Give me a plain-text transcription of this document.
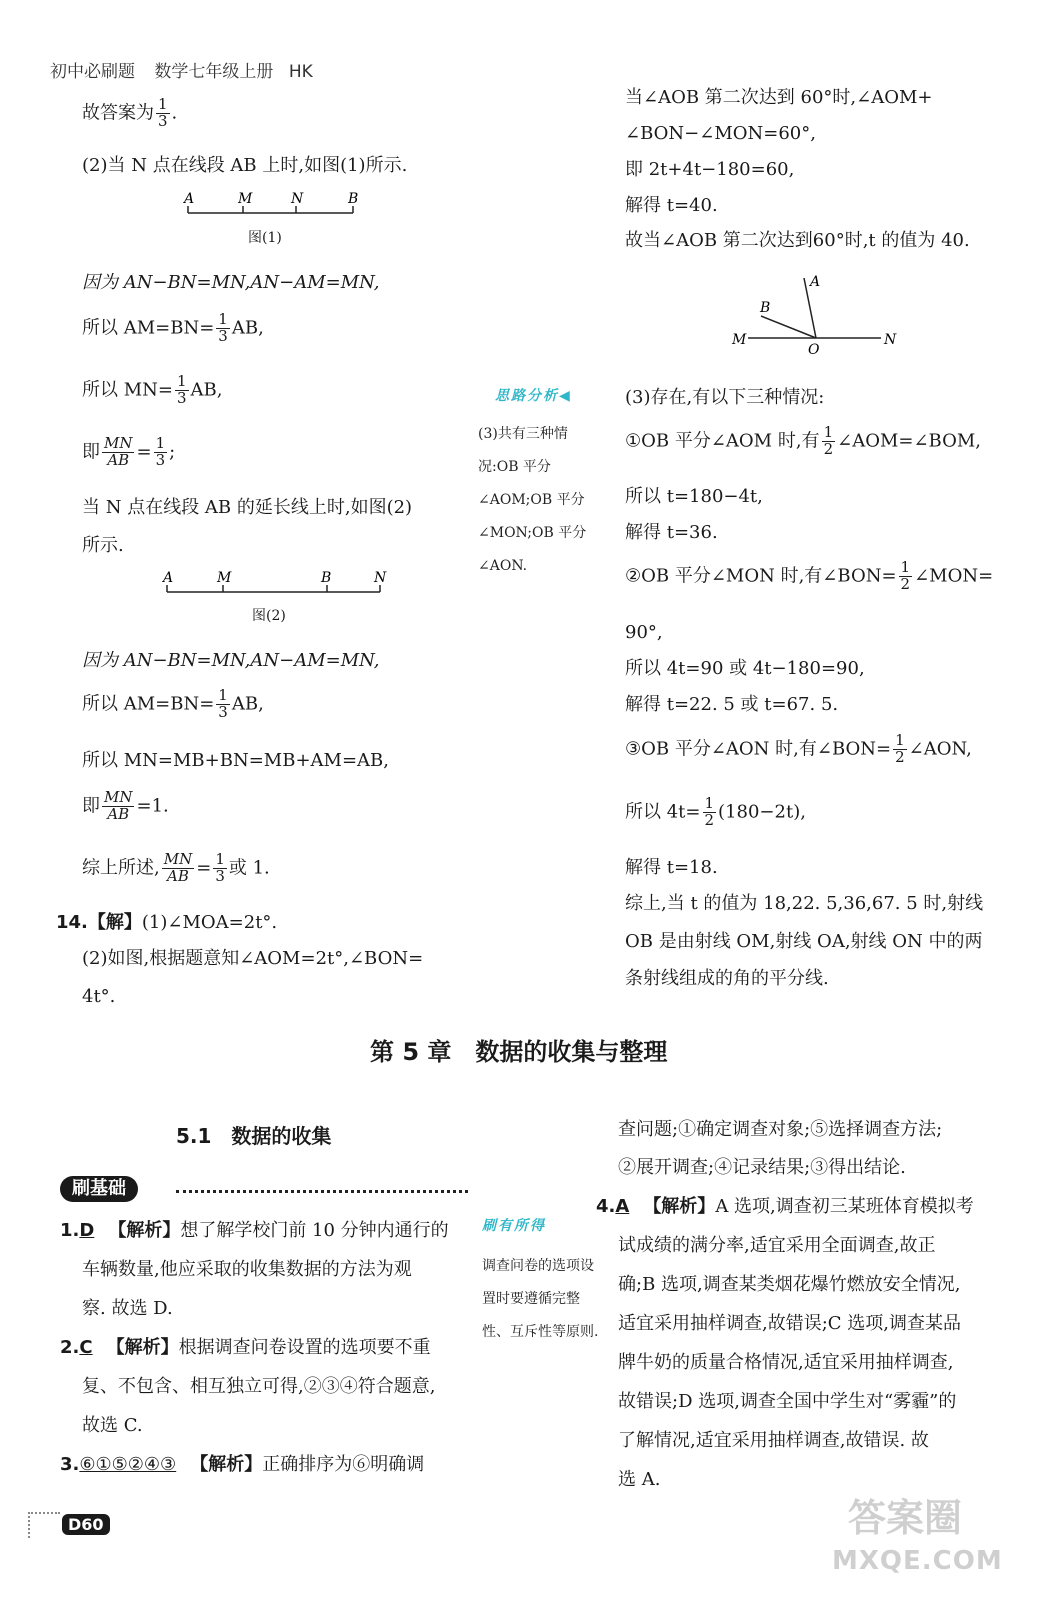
初中必刷题 数学七年级上册 HK
故答案为 $\frac{1}{3}$ .
(2)当 N 点在线段 AB 上时,如图(1)所示.
A	M	N	B
图(1)
因为 AN−BN=MN,AN−AM=MN,
所以 $AM=BN= \frac{1}{3}$ AB,
所以 $MN= \frac{1}{3}$ AB,
即 $\frac{MN}{AB} = \frac{1}{3}$ ;
当 N 点在线段 AB 的延长线上时,如图(2)
所示.
A	M	B	N
图(2)
因为 AN−BN=MN,AN−AM=MN,
所以 $AM=BN= \frac{1}{3}$ AB,
所以 MN=MB+BN=MB+AM=AB,
即 $\frac{MN}{AB} =1$.
综上所述, $\frac{MN}{AB} = \frac{1}{3}$ 或 1.
14.【解】(1)∠MOA=2t°.
(2)如图,根据题意知∠AOM=2t°,∠BON=
4t°.
思路分析◀
(3)共有三种情况:OB 平分∠AOM;OB 平分∠MON;OB 平分∠AON.
当∠AOB 第二次达到 60°时,∠AOM+
∠BON−∠MON=60°,
即 2t+4t−180=60,
解得 t=40.
故当∠AOB 第二次达到60°时,t 的值为 40.
A
B
M
O
N
(3)存在,有以下三种情况:
①OB 平分∠AOM 时,有 $\frac{1}{2}$ ∠AOM=∠BOM,
所以 t=180−4t,
解得 t=36.
②OB 平分∠MON 时,有∠BON= $\frac{1}{2}$ ∠MON=
90°,
所以 4t=90 或 4t−180=90,
解得 t=22. 5 或 t=67. 5.
③OB 平分∠AON 时,有∠BON= $\frac{1}{2}$ ∠AON,
所以 $4t= \frac{1}{2} (180-2t)$,
解得 t=18.
综上,当 t 的值为 18,22. 5,36,67. 5 时,射线
OB 是由射线 OM,射线 OA,射线 ON 中的两
条射线组成的角的平分线.
第 5 章　数据的收集与整理
5.1　数据的收集
刷基础
1.D 【解析】想了解学校门前 10 分钟内通行的
车辆数量,他应采取的收集数据的方法为观
察. 故选 D.
2.C 【解析】根据调查问卷设置的选项要不重
复、不包含、相互独立可得,②③④符合题意,
故选 C.
3.⑥①⑤②④③ 【解析】正确排序为⑥明确调
刷有所得
调查问卷的选项设置时要遵循完整性、互斥性等原则.
查问题;①确定调查对象;⑤选择调查方法;
②展开调查;④记录结果;③得出结论.
4.A 【解析】A 选项,调查初三某班体育模拟考
试成绩的满分率,适宜采用全面调查,故正
确;B 选项,调查某类烟花爆竹燃放安全情况,
适宜采用抽样调查,故错误;C 选项,调查某品
牌牛奶的质量合格情况,适宜采用抽样调查,
故错误;D 选项,调查全国中学生对“雾霾”的
了解情况,适宜采用抽样调查,故错误. 故
选 A.
D60	答案圈
MXQE.COM
